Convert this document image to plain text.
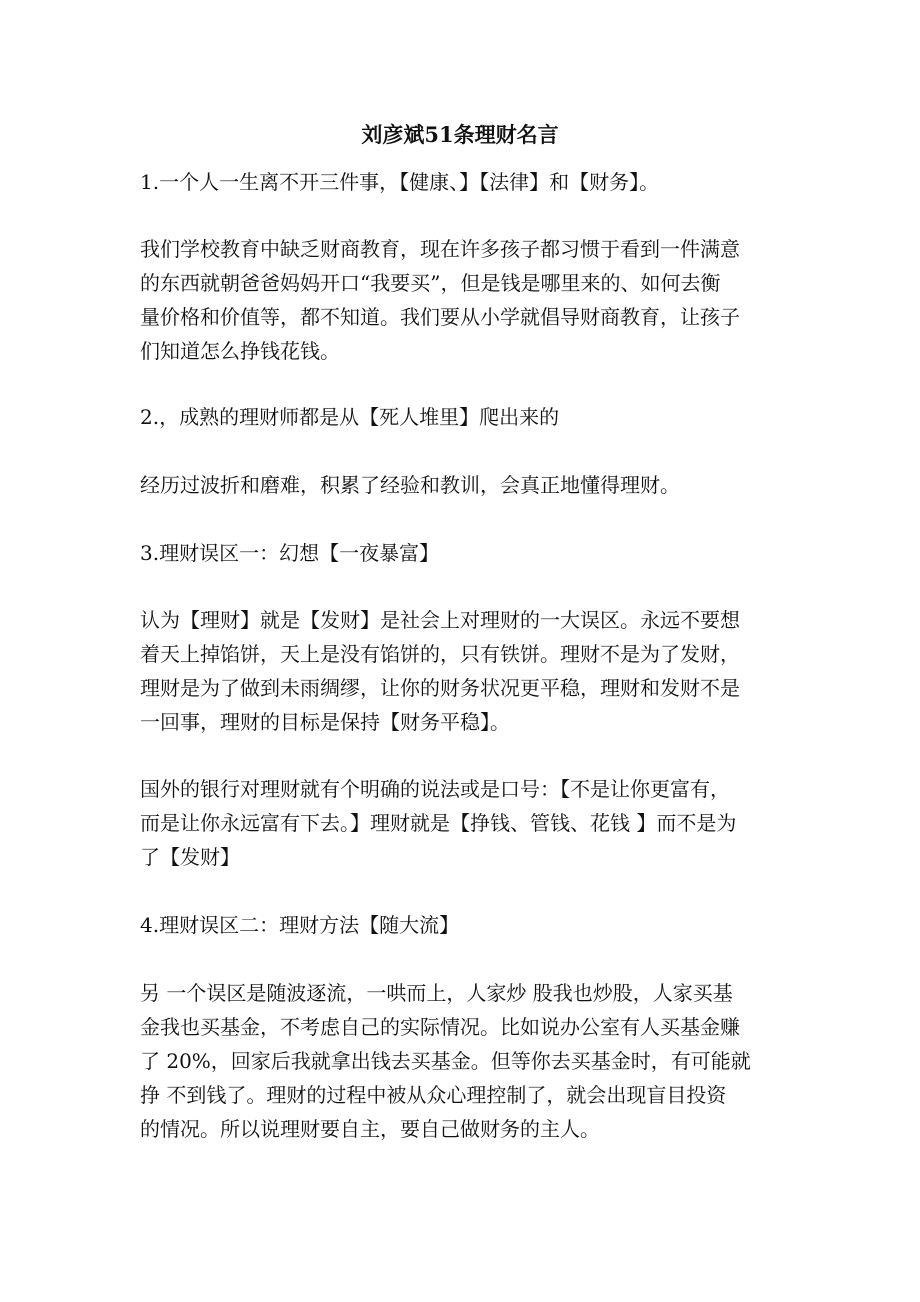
刘彦斌51条理财名言
1.一个人一生离不开三件事，【健康、】【法律】和【财务】。
我们学校教育中缺乏财商教育，现在许多孩子都习惯于看到一件满意
的东西就朝爸爸妈妈开口“我要买”，但是钱是哪里来的、如何去衡
量价格和价值等，都不知道。我们要从小学就倡导财商教育，让孩子
们知道怎么挣钱花钱。
2.，成熟的理财师都是从【死人堆里】爬出来的
经历过波折和磨难，积累了经验和教训，会真正地懂得理财。
3.理财误区一：幻想【一夜暴富】
认为【理财】就是【发财】是社会上对理财的一大误区。永远不要想
着天上掉馅饼，天上是没有馅饼的，只有铁饼。理财不是为了发财，
理财是为了做到未雨绸缪，让你的财务状况更平稳，理财和发财不是
一回事，理财的目标是保持【财务平稳】。
国外的银行对理财就有个明确的说法或是口号：【不是让你更富有，
而是让你永远富有下去。】理财就是【挣钱、管钱、花钱 】而不是为
了【发财】
4.理财误区二：理财方法【随大流】
另 一个误区是随波逐流，一哄而上，人家炒 股我也炒股，人家买基
金我也买基金，不考虑自己的实际情况。比如说办公室有人买基金赚
了 20%，回家后我就拿出钱去买基金。但等你去买基金时，有可能就
挣 不到钱了。理财的过程中被从众心理控制了，就会出现盲目投资
的情况。所以说理财要自主，要自己做财务的主人。
